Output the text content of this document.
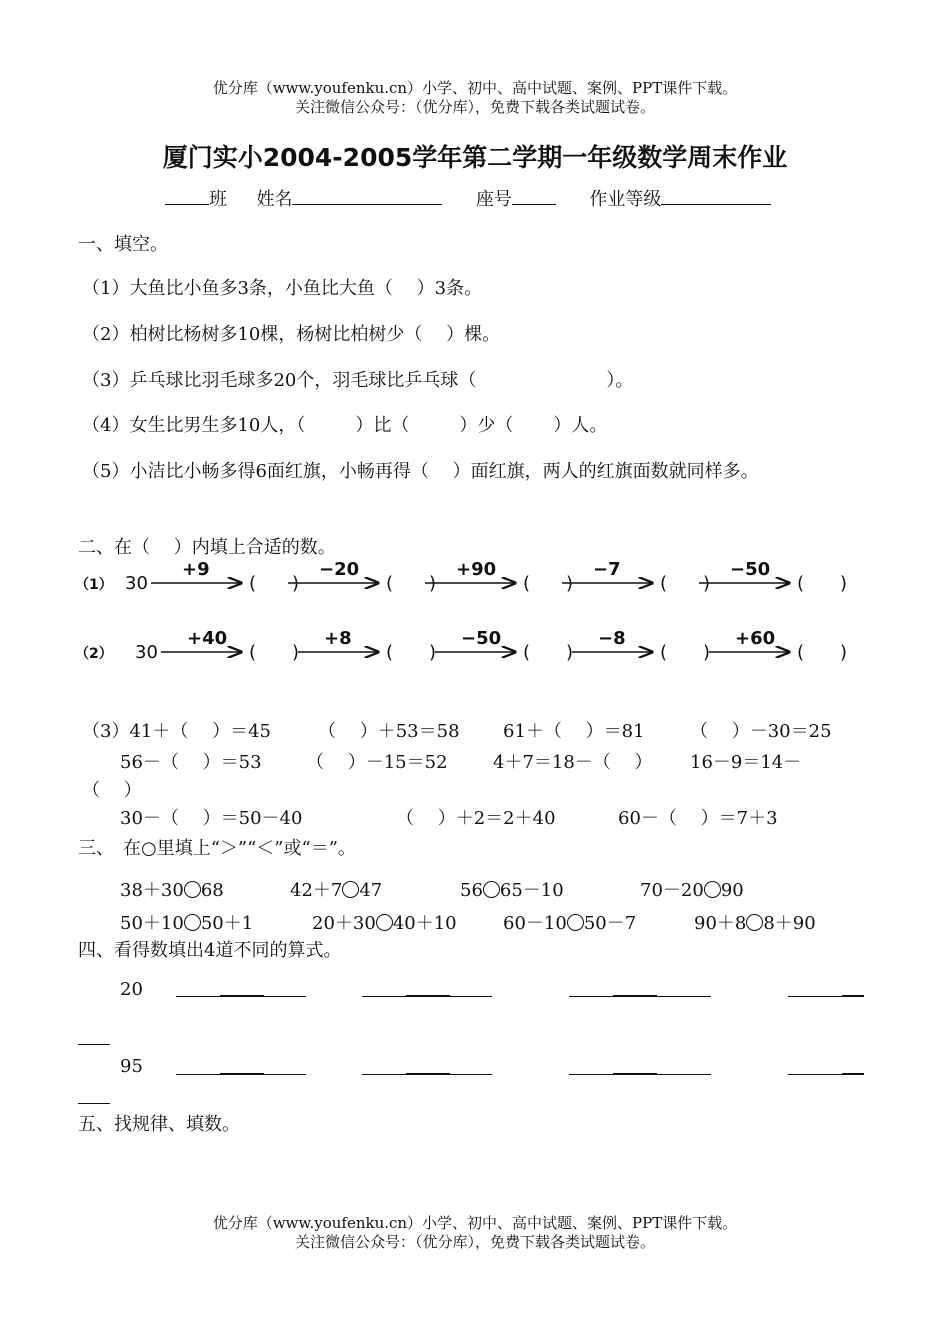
优分库（www.youfenku.cn）小学、初中、高中试题、案例、PPT课件下载。
关注微信公众号：（优分库），免费下载各类试题试卷。
厦门实小2004-2005学年第二学期一年级数学周末作业
班 姓名	座号	作业等级
一、填空。
（1）大鱼比小鱼多3条，小鱼比大鱼（　 ）3条。
（2）柏树比杨树多10棵，杨树比柏树少（　 ）棵。
（3）乒乓球比羽毛球多20个，羽毛球比乒乓球（	）。
（4）女生比男生多10人，（	）比（	）少（ ）人。
（5）小洁比小畅多得6面红旗，小畅再得（　 ）面红旗，两人的红旗面数就同样多。
二、在（　 ）内填上合适的数。
（1） 30
+9
(　　)
−20
(　　)
+90
(　　)
−7
(　　)
−50
(　　)
（2） 30
+40
(　　)
+8
(　　)
−50
(　　)
−8
(　　)
+60
(　　)
（3）41＋（　 ）＝45	（　 ）＋53＝58 61＋（　 ）＝81	（　 ）－30＝25
56－（　 ）＝53 （　 ）－15＝52	4＋7＝18－（　 ） 16－9＝14－
（　 ）
30－（　 ）＝50－40	（　 ）＋2＝2＋40	60－（　 ）＝7＋3
三、　在○里填上“＞”“＜”或“＝”。
38＋30 68	42＋7 47	56 65－10	70－20 90
50＋10 50＋1	20＋30 40＋10	60－10 50－7	90＋8 8＋90
四、看得数填出4道不同的算式。
20
95
五、找规律、填数。
优分库（www.youfenku.cn）小学、初中、高中试题、案例、PPT课件下载。
关注微信公众号：（优分库），免费下载各类试题试卷。
